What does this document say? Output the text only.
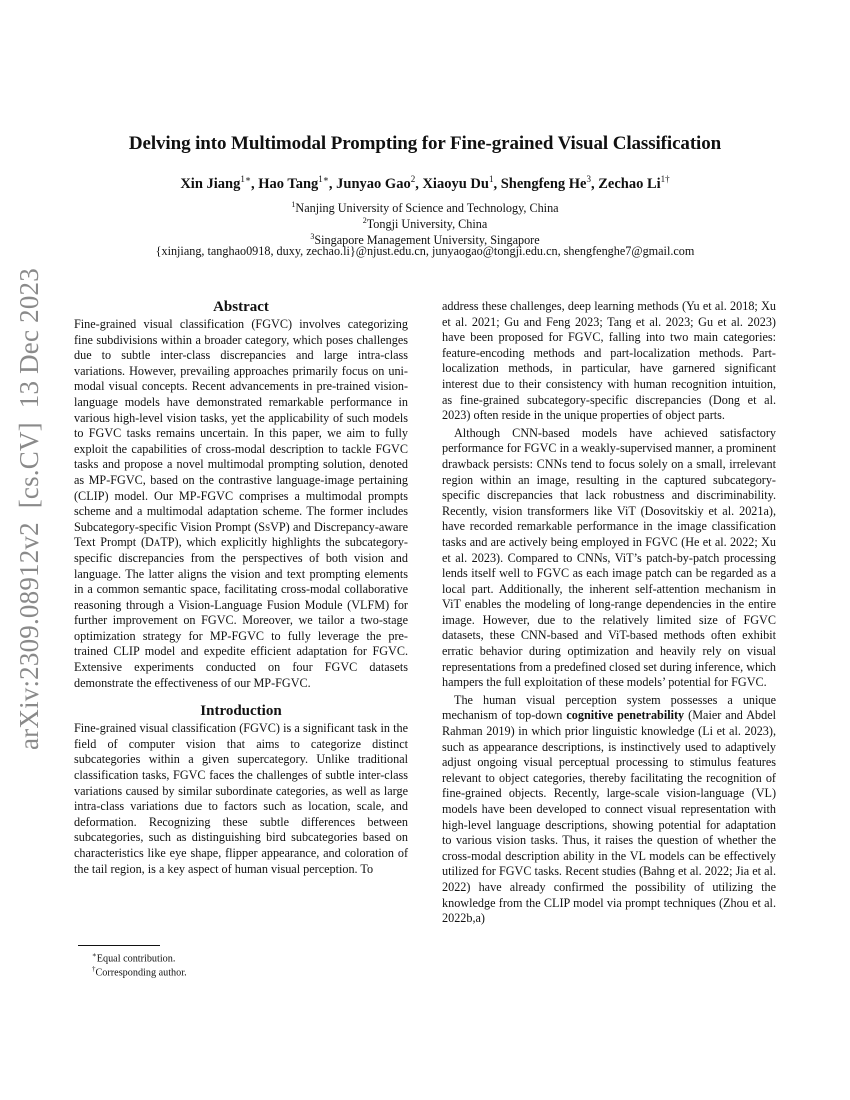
arXiv:2309.08912v2  [cs.CV]  13 Dec 2023
Delving into Multimodal Prompting for Fine-grained Visual Classification
Xin Jiang$^{1∗}$, Hao Tang$^{1∗}$, Junyao Gao$^2$, Xiaoyu Du$^1$, Shengfeng He$^3$, Zechao $Li^{1\dagger}$
$^1$Nanjing University of Science and Technology, China
$^2$Tongji University, China
$^3$Singapore Management University, Singapore
{xinjiang, tanghao0918, duxy, zechao.li}@njust.edu.cn, junyaogao@tongji.edu.cn, shengfenghe7@gmail.com
Abstract

Fine-grained visual classification (FGVC) involves categorizing fine subdivisions within a broader category, which poses challenges due to subtle inter-class discrepancies and large intra-class variations. However, prevailing approaches primarily focus on uni-modal visual concepts. Recent advancements in pre-trained vision-language models have demonstrated remarkable performance in various high-level vision tasks, yet the applicability of such models to FGVC tasks remains uncertain. In this paper, we aim to fully exploit the capabilities of cross-modal description to tackle FGVC tasks and propose a novel multimodal prompting solution, denoted as MP-FGVC, based on the contrastive language-image pertaining (CLIP) model. Our MP-FGVC comprises a multimodal prompts scheme and a multimodal adaptation scheme. The former includes Subcategory-specific Vision Prompt (SsVP) and Discrepancy-aware Text Prompt (DaTP), which explicitly highlights the subcategory-specific discrepancies from the perspectives of both vision and language. The latter aligns the vision and text prompting elements in a common semantic space, facilitating cross-modal collaborative reasoning through a Vision-Language Fusion Module (VLFM) for further improvement on FGVC. Moreover, we tailor a two-stage optimization strategy for MP-FGVC to fully leverage the pre-trained CLIP model and expedite efficient adaptation for FGVC. Extensive experiments conducted on four FGVC datasets demonstrate the effectiveness of our MP-FGVC.

Introduction

Fine-grained visual classification (FGVC) is a significant task in the field of computer vision that aims to categorize distinct subcategories within a given supercategory. Unlike traditional classification tasks, FGVC faces the challenges of subtle inter-class variations caused by similar subordinate categories, as well as large intra-class variations due to factors such as location, scale, and deformation. Recognizing these subtle differences between subcategories, such as distinguishing bird subcategories based on characteristics like eye shape, flipper appearance, and coloration of the tail region, is a key aspect of human visual perception. To

∗Equal contribution.
†Corresponding author.

address these challenges, deep learning methods (Yu et al. 2018; Xu et al. 2021; Gu and Feng 2023; Tang et al. 2023; Gu et al. 2023) have been proposed for FGVC, falling into two main categories: feature-encoding methods and part-localization methods. Part-localization methods, in particular, have garnered significant interest due to their consistency with human recognition intuition, as fine-grained subcategory-specific discrepancies (Dong et al. 2023) often reside in the unique properties of object parts.

Although CNN-based models have achieved satisfactory performance for FGVC in a weakly-supervised manner, a prominent drawback persists: CNNs tend to focus solely on a small, irrelevant region within an image, resulting in the captured subcategory-specific discrepancies that lack robustness and discriminability. Recently, vision transformers like ViT (Dosovitskiy et al. 2021a), have recorded remarkable performance in the image classification tasks and are actively being employed in FGVC (He et al. 2022; Xu et al. 2023). Compared to CNNs, ViT’s patch-by-patch processing lends itself well to FGVC as each image patch can be regarded as a local part. Additionally, the inherent self-attention mechanism in ViT enables the modeling of long-range dependencies in the entire image. However, due to the relatively limited size of FGVC datasets, these CNN-based and ViT-based methods often exhibit erratic behavior during optimization and heavily rely on visual representations from a predefined closed set during inference, which hampers the full exploitation of these models’ potential for FGVC.

The human visual perception system possesses a unique mechanism of top-down cognitive penetrability (Maier and Abdel Rahman 2019) in which prior linguistic knowledge (Li et al. 2023), such as appearance descriptions, is instinctively used to adaptively adjust ongoing visual perceptual processing to stimulus features relevant to object categories, thereby facilitating the recognition of fine-grained objects. Recently, large-scale vision-language (VL) models have been developed to connect visual representation with high-level language descriptions, showing potential for adaptation to various vision tasks. Thus, it raises the question of whether the cross-modal description ability in the VL models can be effectively utilized for FGVC tasks. Recent studies (Bahng et al. 2022; Jia et al. 2022) have already confirmed the possibility of utilizing the knowledge from the CLIP model via prompt techniques (Zhou et al. 2022b,a)
